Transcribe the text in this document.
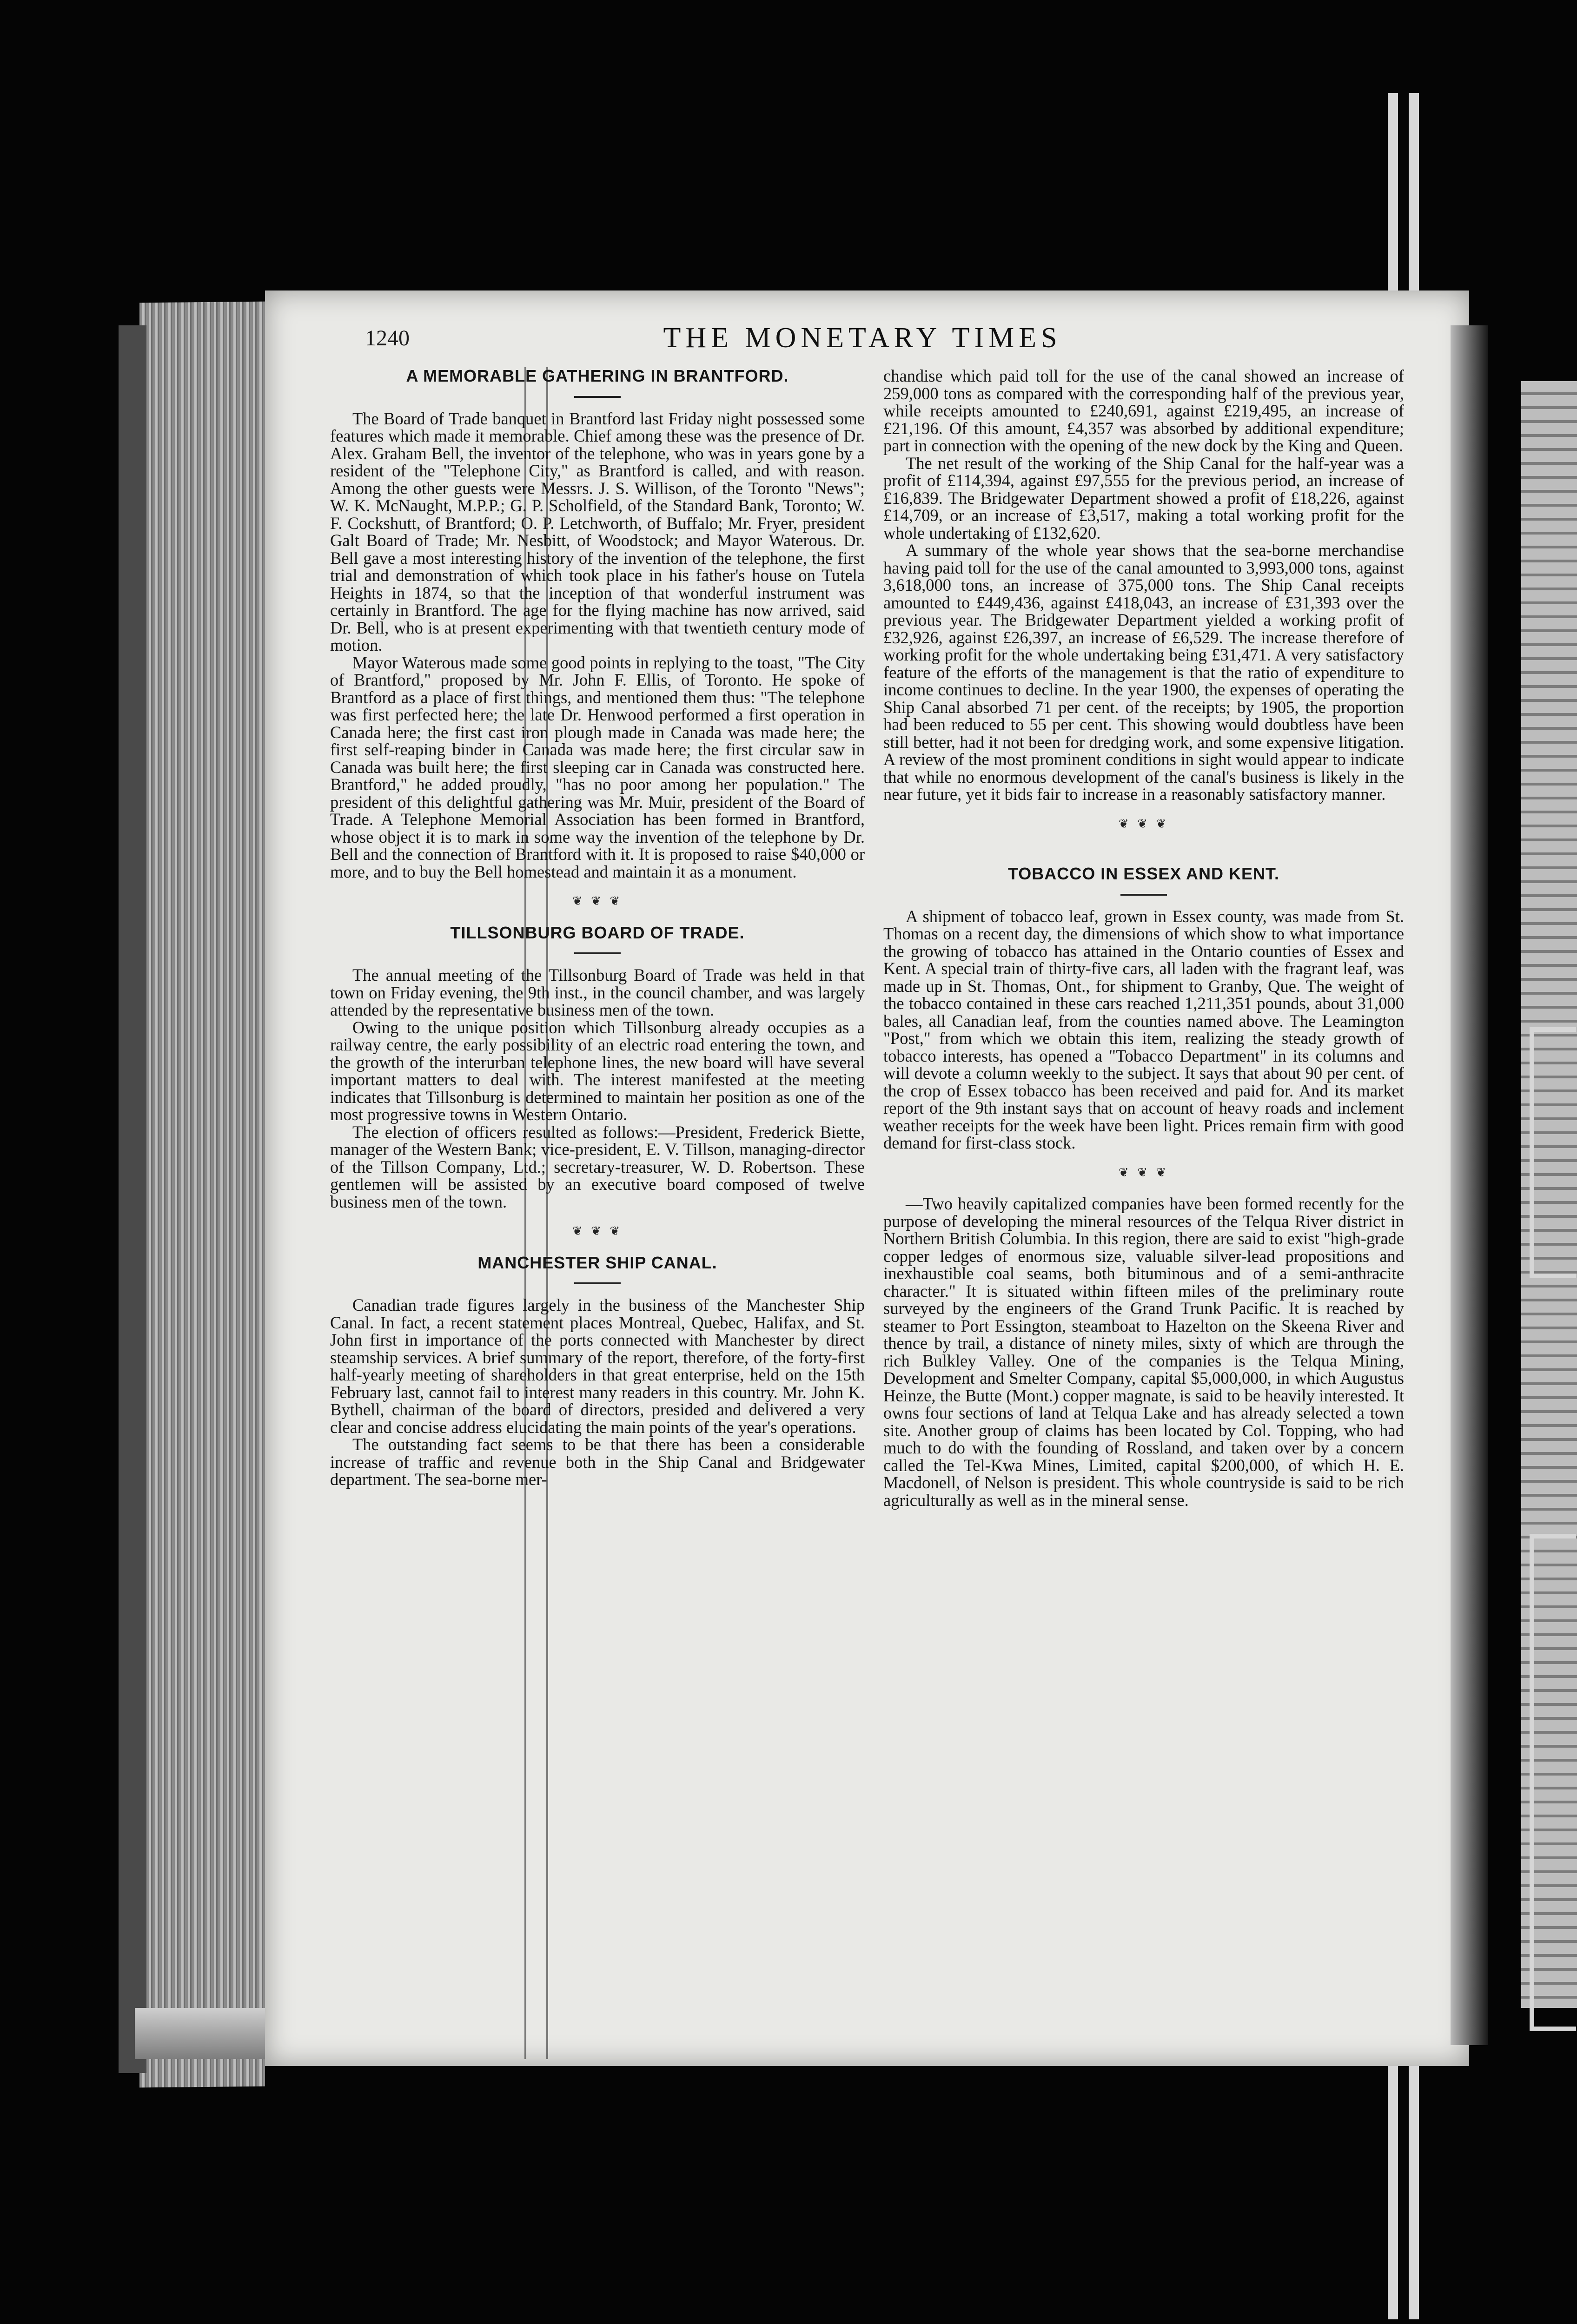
1240	THE MONETARY TIMES
A MEMORABLE GATHERING IN BRANTFORD.

The Board of Trade banquet in Brantford last Friday night possessed some features which made it memorable. Chief among these was the presence of Dr. Alex. Graham Bell, the inventor of the telephone, who was in years gone by a resident of the "Telephone City," as Brantford is called, and with reason. Among the other guests were Messrs. J. S. Willison, of the Toronto "News"; W. K. McNaught, M.P.P.; G. P. Scholfield, of the Standard Bank, Toronto; W. F. Cockshutt, of Brantford; O. P. Letchworth, of Buffalo; Mr. Fryer, president Galt Board of Trade; Mr. Nesbitt, of Woodstock; and Mayor Waterous. Dr. Bell gave a most interesting history of the invention of the telephone, the first trial and demonstration of which took place in his father's house on Tutela Heights in 1874, so that the inception of that wonderful instrument was certainly in Brantford. The age for the flying machine has now arrived, said Dr. Bell, who is at present experimenting with that twentieth century mode of motion.

Mayor Waterous made some good points in replying to the toast, "The City of Brantford," proposed by Mr. John F. Ellis, of Toronto. He spoke of Brantford as a place of first things, and mentioned them thus: "The telephone was first perfected here; the late Dr. Henwood performed a first operation in Canada here; the first cast iron plough made in Canada was made here; the first self-reaping binder in Canada was made here; the first circular saw in Canada was built here; the first sleeping car in Canada was constructed here. Brantford," he added proudly, "has no poor among her population." The president of this delightful gathering was Mr. Muir, president of the Board of Trade. A Telephone Memorial Association has been formed in Brantford, whose object it is to mark in some way the invention of the telephone by Dr. Bell and the connection of Brantford with it. It is proposed to raise $40,000 or more, and to buy the Bell homestead and maintain it as a monument.

❦ ❦ ❦
TILLSONBURG BOARD OF TRADE.

The annual meeting of the Tillsonburg Board of Trade was held in that town on Friday evening, the 9th inst., in the council chamber, and was largely attended by the representative business men of the town.

Owing to the unique position which Tillsonburg already occupies as a railway centre, the early possibility of an electric road entering the town, and the growth of the interurban telephone lines, the new board will have several important matters to deal with. The interest manifested at the meeting indicates that Tillsonburg is determined to maintain her position as one of the most progressive towns in Western Ontario.

The election of officers resulted as follows:—President, Frederick Biette, manager of the Western Bank; vice-president, E. V. Tillson, managing-director of the Tillson Company, Ltd.; secretary-treasurer, W. D. Robertson. These gentlemen will be assisted by an executive board composed of twelve business men of the town.

❦ ❦ ❦
MANCHESTER SHIP CANAL.

Canadian trade figures largely in the business of the Manchester Ship Canal. In fact, a recent statement places Montreal, Quebec, Halifax, and St. John first in importance of the ports connected with Manchester by direct steamship services. A brief summary of the report, therefore, of the forty-first half-yearly meeting of shareholders in that great enterprise, held on the 15th February last, cannot fail to interest many readers in this country. Mr. John K. Bythell, chairman of the board of directors, presided and delivered a very clear and concise address elucidating the main points of the year's operations.

The outstanding fact seems to be that there has been a considerable increase of traffic and revenue both in the Ship Canal and Bridgewater department. The sea-borne mer-

chandise which paid toll for the use of the canal showed an increase of 259,000 tons as compared with the corresponding half of the previous year, while receipts amounted to £240,691, against £219,495, an increase of £21,196. Of this amount, £4,357 was absorbed by additional expenditure; part in connection with the opening of the new dock by the King and Queen.

The net result of the working of the Ship Canal for the half-year was a profit of £114,394, against £97,555 for the previous period, an increase of £16,839. The Bridgewater Department showed a profit of £18,226, against £14,709, or an increase of £3,517, making a total working profit for the whole undertaking of £132,620.

A summary of the whole year shows that the sea-borne merchandise having paid toll for the use of the canal amounted to 3,993,000 tons, against 3,618,000 tons, an increase of 375,000 tons. The Ship Canal receipts amounted to £449,436, against £418,043, an increase of £31,393 over the previous year. The Bridgewater Department yielded a working profit of £32,926, against £26,397, an increase of £6,529. The increase therefore of working profit for the whole undertaking being £31,471. A very satisfactory feature of the efforts of the management is that the ratio of expenditure to income continues to decline. In the year 1900, the expenses of operating the Ship Canal absorbed 71 per cent. of the receipts; by 1905, the proportion had been reduced to 55 per cent. This showing would doubtless have been still better, had it not been for dredging work, and some expensive litigation. A review of the most prominent conditions in sight would appear to indicate that while no enormous development of the canal's business is likely in the near future, yet it bids fair to increase in a reasonably satisfactory manner.

❦ ❦ ❦
TOBACCO IN ESSEX AND KENT.

A shipment of tobacco leaf, grown in Essex county, was made from St. Thomas on a recent day, the dimensions of which show to what importance the growing of tobacco has attained in the Ontario counties of Essex and Kent. A special train of thirty-five cars, all laden with the fragrant leaf, was made up in St. Thomas, Ont., for shipment to Granby, Que. The weight of the tobacco contained in these cars reached 1,211,351 pounds, about 31,000 bales, all Canadian leaf, from the counties named above. The Leamington "Post," from which we obtain this item, realizing the steady growth of tobacco interests, has opened a "Tobacco Department" in its columns and will devote a column weekly to the subject. It says that about 90 per cent. of the crop of Essex tobacco has been received and paid for. And its market report of the 9th instant says that on account of heavy roads and inclement weather receipts for the week have been light. Prices remain firm with good demand for first-class stock.

❦ ❦ ❦

—Two heavily capitalized companies have been formed recently for the purpose of developing the mineral resources of the Telqua River district in Northern British Columbia. In this region, there are said to exist "high-grade copper ledges of enormous size, valuable silver-lead propositions and inexhaustible coal seams, both bituminous and of a semi-anthracite character." It is situated within fifteen miles of the preliminary route surveyed by the engineers of the Grand Trunk Pacific. It is reached by steamer to Port Essington, steamboat to Hazelton on the Skeena River and thence by trail, a distance of ninety miles, sixty of which are through the rich Bulkley Valley. One of the companies is the Telqua Mining, Development and Smelter Company, capital $5,000,000, in which Augustus Heinze, the Butte (Mont.) copper magnate, is said to be heavily interested. It owns four sections of land at Telqua Lake and has already selected a town site. Another group of claims has been located by Col. Topping, who had much to do with the founding of Rossland, and taken over by a concern called the Tel-Kwa Mines, Limited, capital $200,000, of which H. E. Macdonell, of Nelson is president. This whole countryside is said to be rich agriculturally as well as in the mineral sense.
